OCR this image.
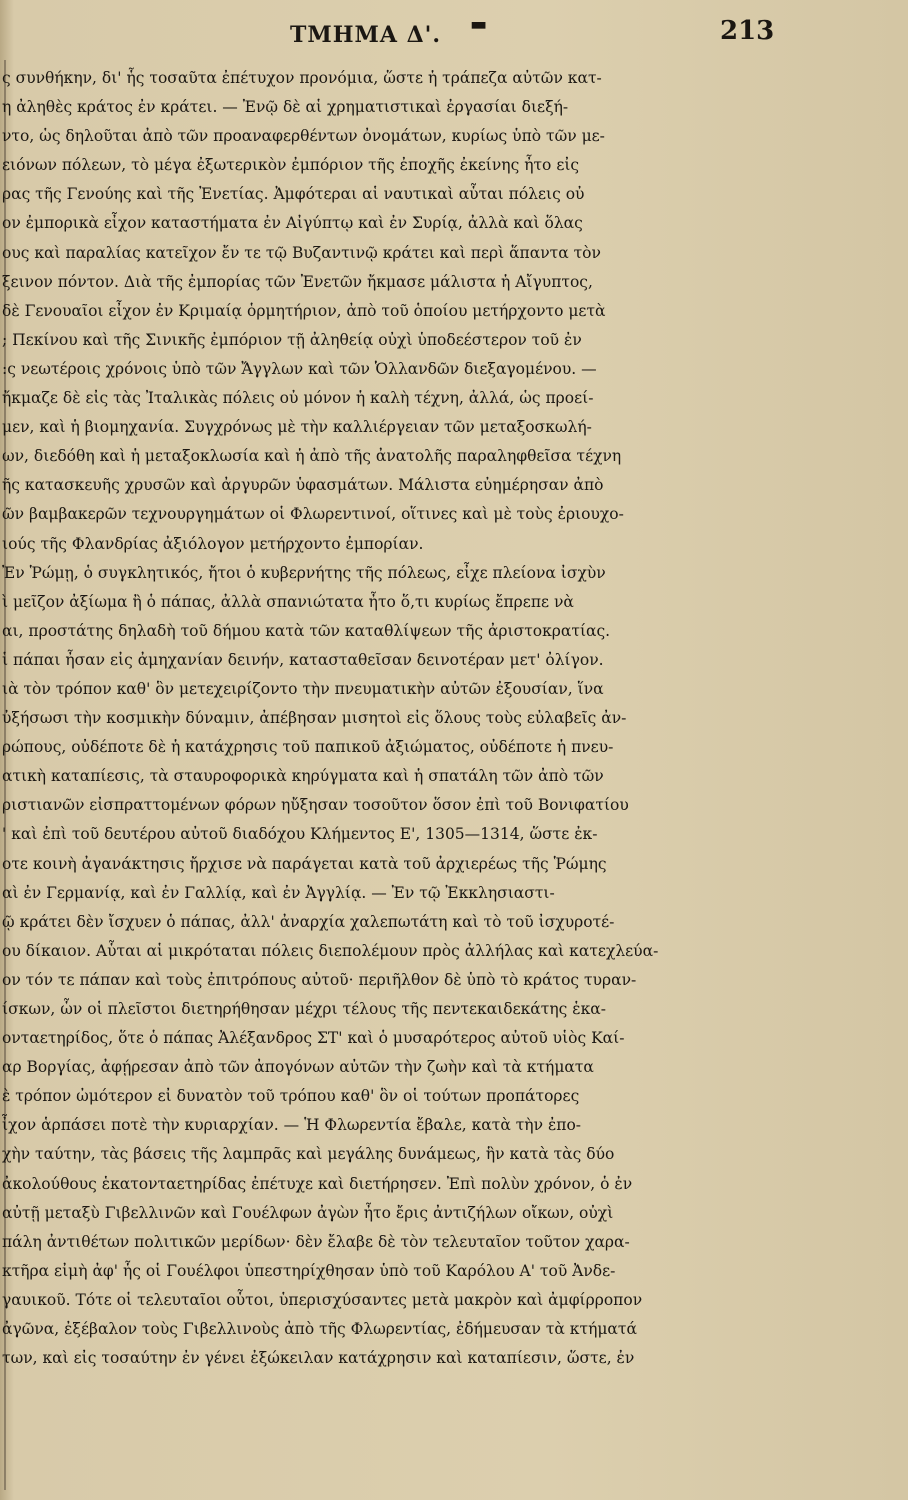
ΤΜΗΜΑ Δ'. ▬	213
ς συνθήκην, δι' ἧς τοσαῦτα ἐπέτυχον προνόμια, ὥστε ἡ τράπεζα αὐτῶν κατ-
η ἀληθὲς κράτος ἐν κράτει. — Ἐνῷ δὲ αἱ χρηματιστικαὶ ἐργασίαι διεξή-
ντο, ὡς δηλοῦται ἀπὸ τῶν προαναφερθέντων ὀνομάτων, κυρίως ὑπὸ τῶν με-
ειόνων πόλεων, τὸ μέγα ἐξωτερικὸν ἐμπόριον τῆς ἐποχῆς ἐκείνης ἦτο εἰς
ρας τῆς Γενούης καὶ τῆς Ἐνετίας. Ἀμφότεραι αἱ ναυτικαὶ αὗται πόλεις οὐ
ον ἐμπορικὰ εἶχον καταστήματα ἐν Αἰγύπτῳ καὶ ἐν Συρίᾳ, ἀλλὰ καὶ ὅλας
ους καὶ παραλίας κατεῖχον ἔν τε τῷ Βυζαντινῷ κράτει καὶ περὶ ἅπαντα τὸν
ξεινον πόντον. Διὰ τῆς ἐμπορίας τῶν Ἐνετῶν ἤκμασε μάλιστα ἡ Αἴγυπτος,
δὲ Γενουαῖοι εἶχον ἐν Κριμαίᾳ ὁρμητήριον, ἀπὸ τοῦ ὁποίου μετήρχοντο μετὰ
; Πεκίνου καὶ τῆς Σινικῆς ἐμπόριον τῇ ἀληθείᾳ οὐχὶ ὑποδεέστερον τοῦ ἐν
:ς νεωτέροις χρόνοις ὑπὸ τῶν Ἄγγλων καὶ τῶν Ὁλλανδῶν διεξαγομένου. —
ἤκμαζε δὲ εἰς τὰς Ἰταλικὰς πόλεις οὐ μόνον ἡ καλὴ τέχνη, ἀλλά, ὡς προεί-
μεν, καὶ ἡ βιομηχανία. Συγχρόνως μὲ τὴν καλλιέργειαν τῶν μεταξοσκωλή-
ων, διεδόθη καὶ ἡ μεταξοκλωσία καὶ ἡ ἀπὸ τῆς ἀνατολῆς παραληφθεῖσα τέχνη
ῆς κατασκευῆς χρυσῶν καὶ ἀργυρῶν ὑφασμάτων. Μάλιστα εὐημέρησαν ἀπὸ
ῶν βαμβακερῶν τεχνουργημάτων οἱ Φλωρεντινοί, οἵτινες καὶ μὲ τοὺς ἐριουχο-
ιούς τῆς Φλανδρίας ἀξιόλογον μετήρχοντο ἐμπορίαν.
Ἐν Ῥώμῃ, ὁ συγκλητικός, ἤτοι ὁ κυβερνήτης τῆς πόλεως, εἶχε πλείονα ἰσχὺν
ὶ μεῖζον ἀξίωμα ἢ ὁ πάπας, ἀλλὰ σπανιώτατα ἦτο ὅ,τι κυρίως ἔπρεπε νὰ
αι, προστάτης δηλαδὴ τοῦ δήμου κατὰ τῶν καταθλίψεων τῆς ἀριστοκρατίας.
ἱ πάπαι ἦσαν εἰς ἀμηχανίαν δεινήν, κατασταθεῖσαν δεινοτέραν μετ' ὀλίγον.
ιὰ τὸν τρόπον καθ' ὃν μετεχειρίζοντο τὴν πνευματικὴν αὐτῶν ἐξουσίαν, ἵνα
ὐξήσωσι τὴν κοσμικὴν δύναμιν, ἀπέβησαν μισητοὶ εἰς ὅλους τοὺς εὐλαβεῖς ἀν-
ρώπους, οὐδέποτε δὲ ἡ κατάχρησις τοῦ παπικοῦ ἀξιώματος, οὐδέποτε ἡ πνευ-
ατικὴ καταπίεσις, τὰ σταυροφορικὰ κηρύγματα καὶ ἡ σπατάλη τῶν ἀπὸ τῶν
ριστιανῶν εἰσπραττομένων φόρων ηὔξησαν τοσοῦτον ὅσον ἐπὶ τοῦ Βονιφατίου
' καὶ ἐπὶ τοῦ δευτέρου αὐτοῦ διαδόχου Κλήμεντος Ε', 1305—1314, ὥστε ἐκ-
οτε κοινὴ ἀγανάκτησις ἤρχισε νὰ παράγεται κατὰ τοῦ ἀρχιερέως τῆς Ῥώμης
αὶ ἐν Γερμανίᾳ, καὶ ἐν Γαλλίᾳ, καὶ ἐν Ἀγγλίᾳ. — Ἐν τῷ Ἐκκλησιαστι-
ῷ κράτει δὲν ἴσχυεν ὁ πάπας, ἀλλ' ἀναρχία χαλεπωτάτη καὶ τὸ τοῦ ἰσχυροτέ-
ου δίκαιον. Αὗται αἱ μικρόταται πόλεις διεπολέμουν πρὸς ἀλλήλας καὶ κατεχλεύα-
ον τόν τε πάπαν καὶ τοὺς ἐπιτρόπους αὐτοῦ· περιῆλθον δὲ ὑπὸ τὸ κράτος τυραν-
ίσκων, ὧν οἱ πλεῖστοι διετηρήθησαν μέχρι τέλους τῆς πεντεκαιδεκάτης ἑκα-
ονταετηρίδος, ὅτε ὁ πάπας Ἀλέξανδρος ΣΤ' καὶ ὁ μυσαρότερος αὐτοῦ υἱὸς Καί-
αρ Βοργίας, ἀφῄρεσαν ἀπὸ τῶν ἀπογόνων αὐτῶν τὴν ζωὴν καὶ τὰ κτήματα
ὲ τρόπον ὠμότερον εἰ δυνατὸν τοῦ τρόπου καθ' ὃν οἱ τούτων προπάτορες
ἶχον ἁρπάσει ποτὲ τὴν κυριαρχίαν. — Ἡ Φλωρεντία ἔβαλε, κατὰ τὴν ἐπο-
χὴν ταύτην, τὰς βάσεις τῆς λαμπρᾶς καὶ μεγάλης δυνάμεως, ἣν κατὰ τὰς δύο
ἀκολούθους ἑκατονταετηρίδας ἐπέτυχε καὶ διετήρησεν. Ἐπὶ πολὺν χρόνον, ὁ ἐν
αὐτῇ μεταξὺ Γιβελλινῶν καὶ Γουέλφων ἀγὼν ἦτο ἔρις ἀντιζήλων οἴκων, οὐχὶ
πάλη ἀντιθέτων πολιτικῶν μερίδων· δὲν ἔλαβε δὲ τὸν τελευταῖον τοῦτον χαρα-
κτῆρα εἰμὴ ἀφ' ἧς οἱ Γουέλφοι ὑπεστηρίχθησαν ὑπὸ τοῦ Καρόλου Α' τοῦ Ἀνδε-
γαυικοῦ. Τότε οἱ τελευταῖοι οὗτοι, ὑπερισχύσαντες μετὰ μακρὸν καὶ ἀμφίρροπον
ἀγῶνα, ἐξέβαλον τοὺς Γιβελλινοὺς ἀπὸ τῆς Φλωρεντίας, ἐδήμευσαν τὰ κτήματά
των, καὶ εἰς τοσαύτην ἐν γένει ἐξώκειλαν κατάχρησιν καὶ καταπίεσιν, ὥστε, ἐν
